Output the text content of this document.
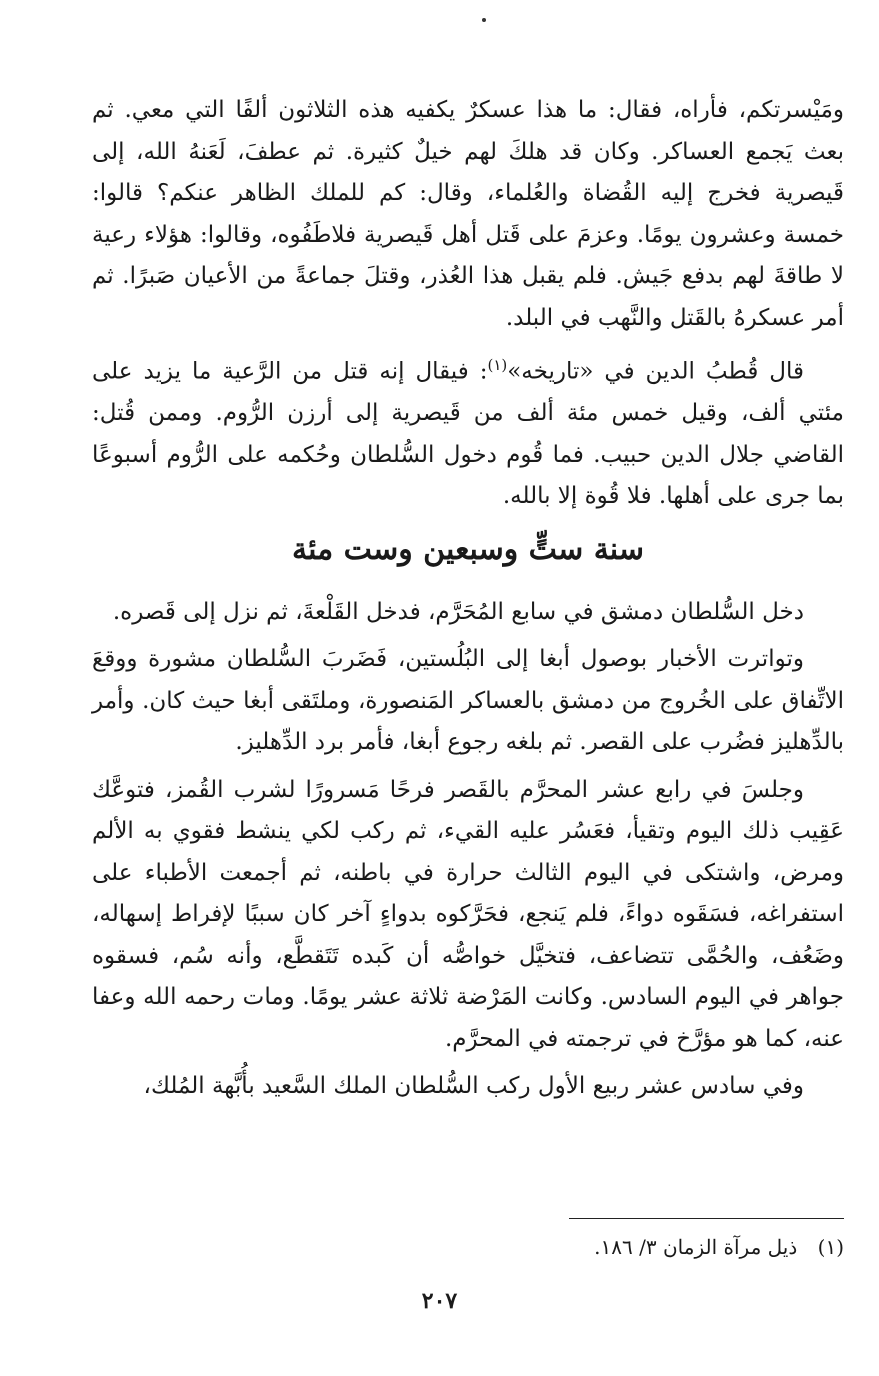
ومَيْسرتكم، فأراه، فقال: ما هذا عسكرٌ يكفيه هذه الثلاثون ألفًا التي معي. ثم بعث يَجمع العساكر. وكان قد هلكَ لهم خيلٌ كثيرة. ثم عطفَ، لَعَنهُ الله، إلى قَيصرية فخرج إليه القُضاة والعُلماء، وقال: كم للملك الظاهر عنكم؟ قالوا: خمسة وعشرون يومًا. وعزمَ على قَتل أهل قَيصرية فلاطَفُوه، وقالوا: هؤلاء رعية لا طاقةَ لهم بدفع جَيش. فلم يقبل هذا العُذر، وقتلَ جماعةً من الأعيان صَبرًا. ثم أمر عسكرهُ بالقَتل والنَّهب في البلد.

قال قُطبُ الدين في «تاريخه»$^{(١)}$: فيقال إنه قتل من الرَّعية ما يزيد على مئتي ألف، وقيل خمس مئة ألف من قَيصرية إلى أرزن الرُّوم. وممن قُتل: القاضي جلال الدين حبيب. فما قُوم دخول السُّلطان وحُكمه على الرُّوم أسبوعًا بما جرى على أهلها. فلا قُوة إلا بالله.

سنة ستٍّ وسبعين وست مئة

دخل السُّلطان دمشق في سابع المُحَرَّم، فدخل القَلْعةَ، ثم نزل إلى قَصره.

وتواترت الأخبار بوصول أبغا إلى البُلُستين، فَضَربَ السُّلطان مشورة ووقعَ الاتِّفاق على الخُروج من دمشق بالعساكر المَنصورة، وملتَقى أبغا حيث كان. وأمر بالدِّهليز فضُرب على القصر. ثم بلغه رجوع أبغا، فأمر برد الدِّهليز.

وجلسَ في رابع عشر المحرَّم بالقَصر فرحًا مَسرورًا لشرب القُمز، فتوعَّك عَقِيب ذلك اليوم وتقيأ، فعَسُر عليه القيء، ثم ركب لكي ينشط فقوي به الألم ومرض، واشتكى في اليوم الثالث حرارة في باطنه، ثم أجمعت الأطباء على استفراغه، فسَقَوه دواءً، فلم يَنجع، فحَرَّكوه بدواءٍ آخر كان سببًا لإفراط إسهاله، وضَعُف، والحُمَّى تتضاعف، فتخيَّل خواصُّه أن كَبده تَتَقطَّع، وأنه سُم، فسقوه جواهر في اليوم السادس. وكانت المَرْضة ثلاثة عشر يومًا. ومات رحمه الله وعفا عنه، كما هو مؤرَّخ في ترجمته في المحرَّم.

وفي سادس عشر ربيع الأول ركب السُّلطان الملك السَّعيد بأُبَّهة المُلك،

(١) ذيل مرآة الزمان ٣/ ١٨٦.
٢٠٧
